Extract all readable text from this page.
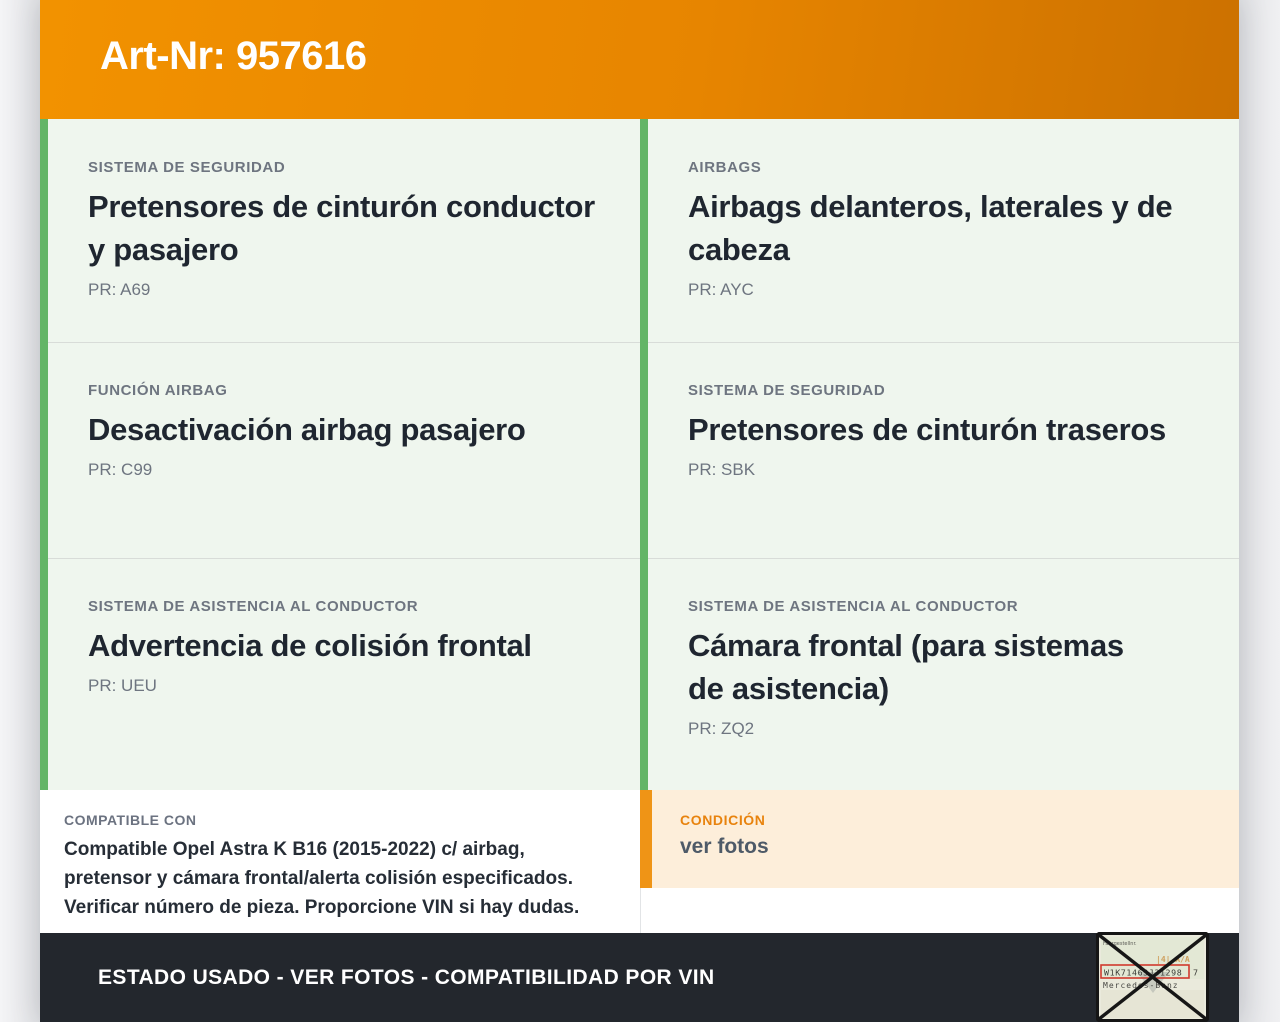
Art-Nr: 957616
SISTEMA DE SEGURIDAD
Pretensores de cinturón conductor y pasajero
PR: A69
AIRBAGS
Airbags delanteros, laterales y de cabeza
PR: AYC
FUNCIÓN AIRBAG
Desactivación airbag pasajero
PR: C99
SISTEMA DE SEGURIDAD
Pretensores de cinturón traseros
PR: SBK
SISTEMA DE ASISTENCIA AL CONDUCTOR
Advertencia de colisión frontal
PR: UEU
SISTEMA DE ASISTENCIA AL CONDUCTOR
Cámara frontal (para sistemas de asistencia)
PR: ZQ2
COMPATIBLE CON
Compatible Opel Astra K B16 (2015-2022) c/ airbag, pretensor y cámara frontal/alerta colisión especificados. Verificar número de pieza. Proporcione VIN si hay dudas.
CONDICIÓN
ver fotos
ESTADO USADO - VER FOTOS - COMPATIBILIDAD POR VIN
Fahrgestellnr.
|4| A/A
W1K71463J31298 7
Mercedes-Benz
